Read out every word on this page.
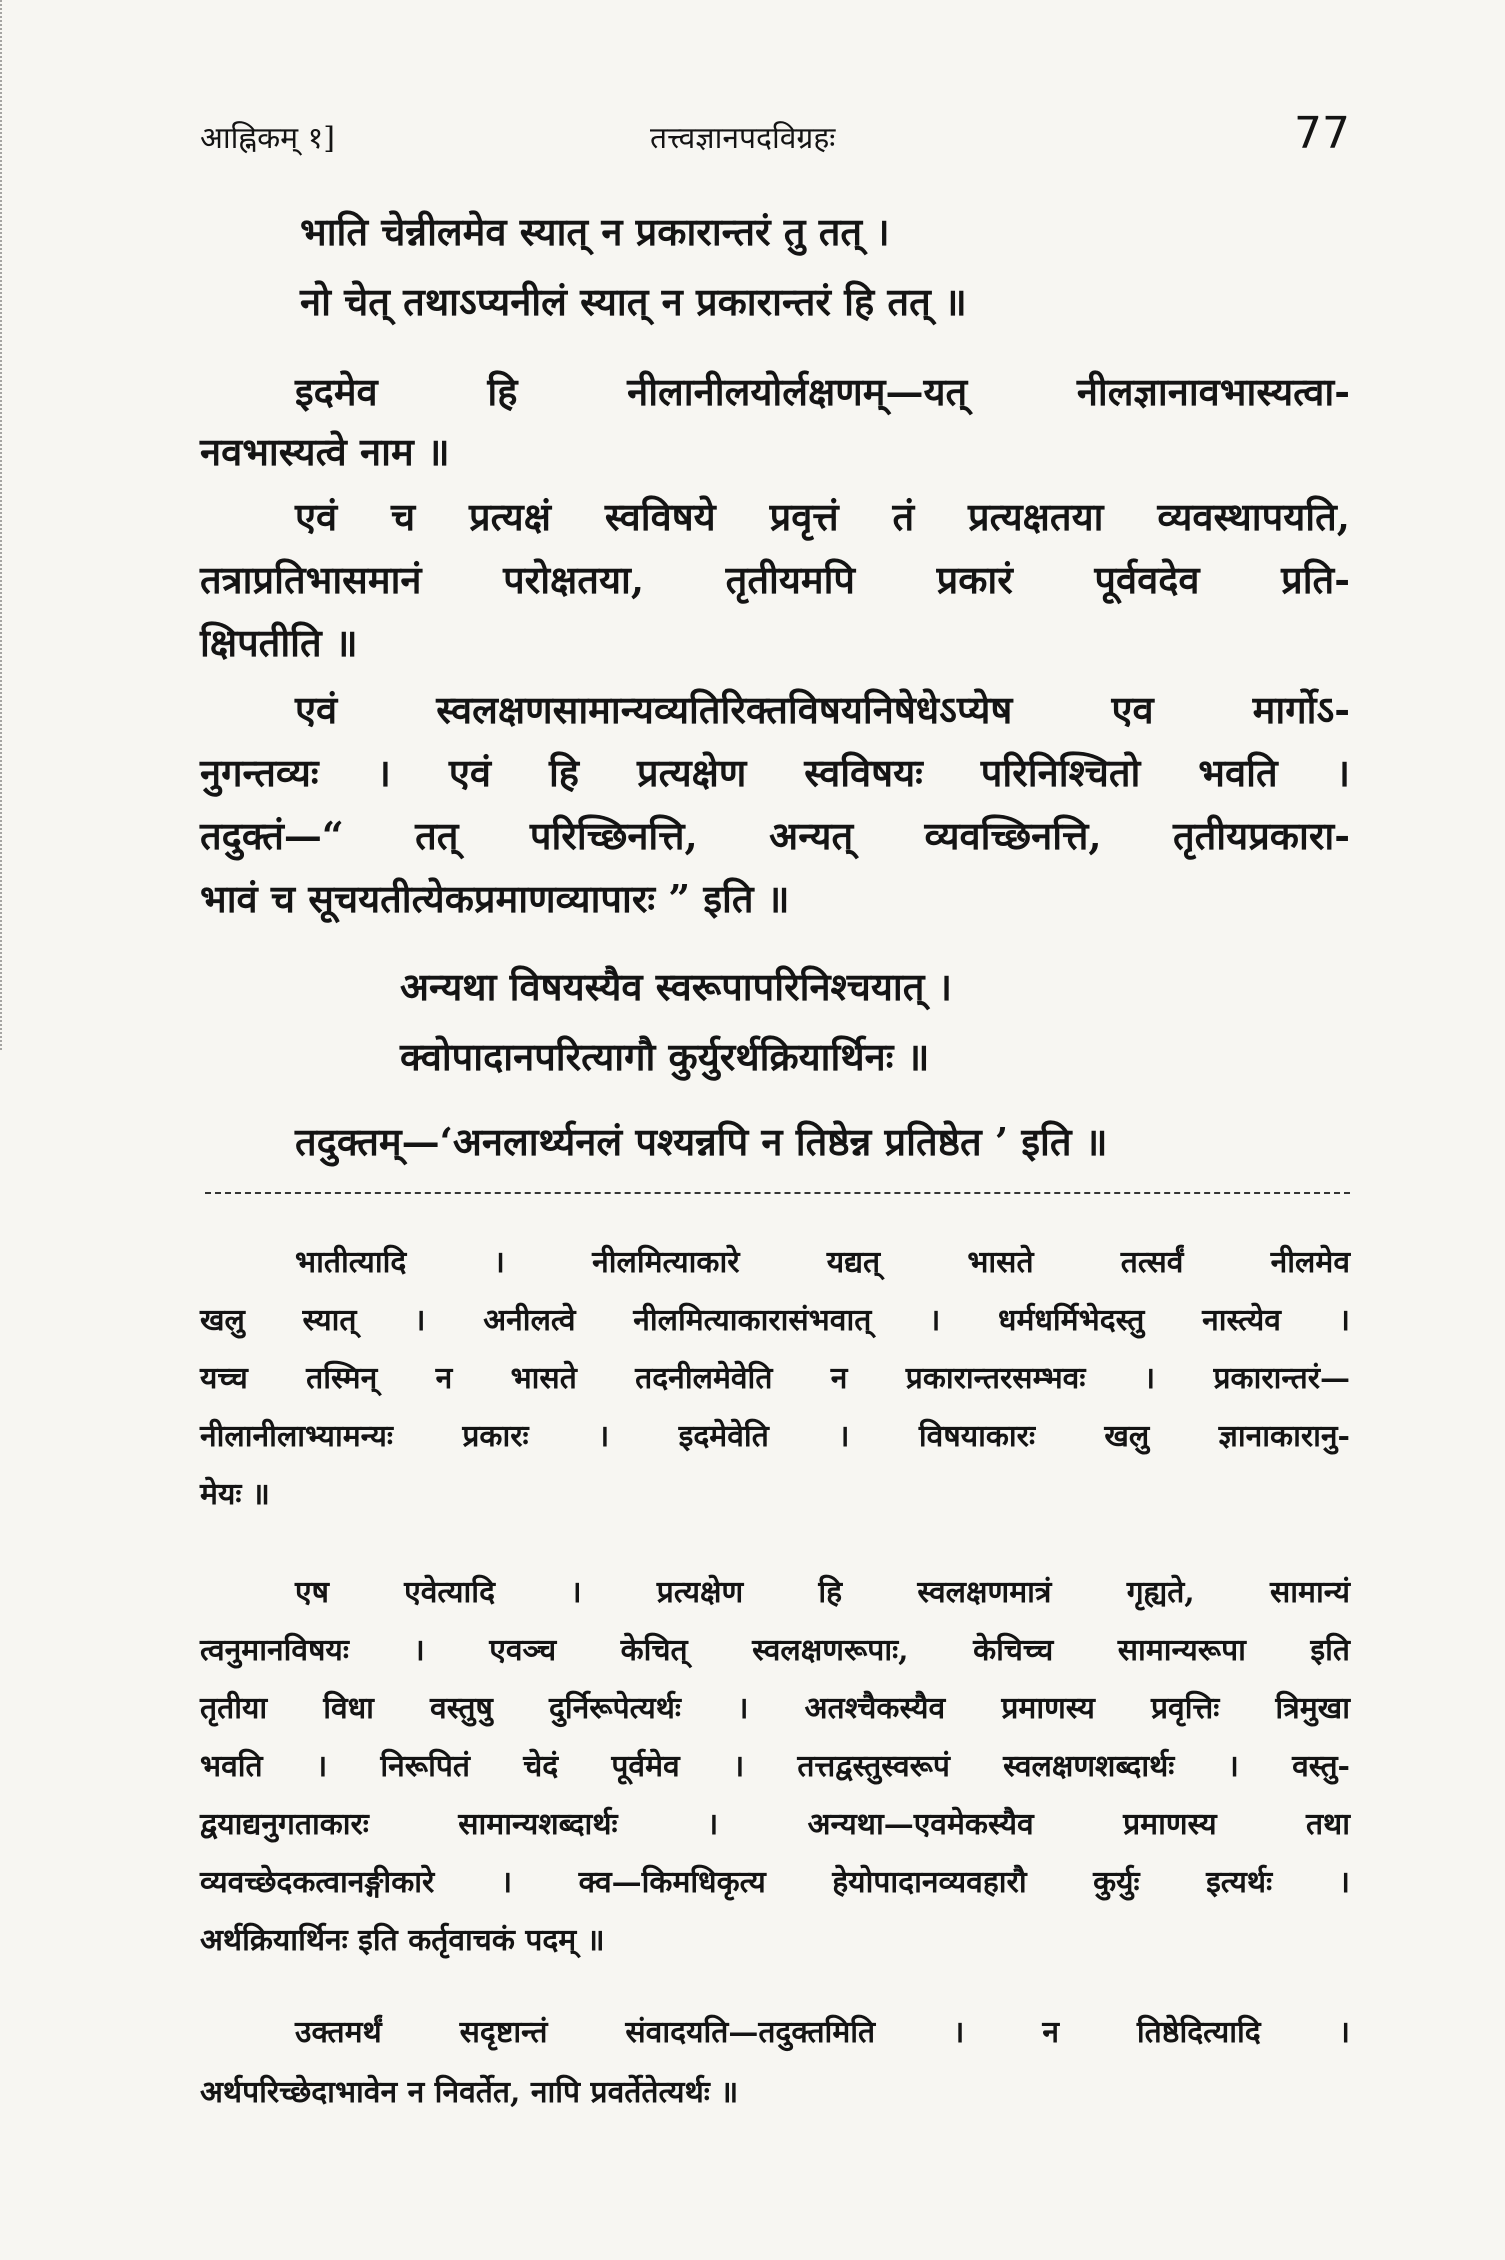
आह्निकम् १]	तत्त्वज्ञानपदविग्रहः	77
भाति चेन्नीलमेव स्यात् न प्रकारान्तरं तु तत् ।
नो चेत् तथाऽप्यनीलं स्यात् न प्रकारान्तरं हि तत् ॥
इदमेव हि नीलानीलयोर्लक्षणम्—यत् नीलज्ञानावभास्यत्वा-
नवभास्यत्वे नाम ॥
एवं च प्रत्यक्षं स्वविषये प्रवृत्तं तं प्रत्यक्षतया व्यवस्थापयति,
तत्राप्रतिभासमानं परोक्षतया, तृतीयमपि प्रकारं पूर्ववदेव प्रति-
क्षिपतीति ॥
एवं स्वलक्षणसामान्यव्यतिरिक्तविषयनिषेधेऽप्येष एव मार्गोऽ-
नुगन्तव्यः । एवं हि प्रत्यक्षेण स्वविषयः परिनिश्चितो भवति ।
तदुक्तं—“ तत् परिच्छिनत्ति, अन्यत् व्यवच्छिनत्ति, तृतीयप्रकारा-
भावं च सूचयतीत्येकप्रमाणव्यापारः ” इति ॥
अन्यथा विषयस्यैव स्वरूपापरिनिश्चयात् ।
क्वोपादानपरित्यागौ कुर्युरर्थक्रियार्थिनः ॥
तदुक्तम्—‘अनलार्थ्यनलं पश्यन्नपि न तिष्ठेन्न प्रतिष्ठेत ’ इति ॥
भातीत्यादि । नीलमित्याकारे यद्यत् भासते तत्सर्वं नीलमेव
खलु स्यात् । अनीलत्वे नीलमित्याकारासंभवात् । धर्मधर्मिभेदस्तु नास्त्येव ।
यच्च तस्मिन् न भासते तदनीलमेवेति न प्रकारान्तरसम्भवः । प्रकारान्तरं—
नीलानीलाभ्यामन्यः प्रकारः । इदमेवेति । विषयाकारः खलु ज्ञानाकारानु-
मेयः ॥
एष एवेत्यादि । प्रत्यक्षेण हि स्वलक्षणमात्रं गृह्यते, सामान्यं
त्वनुमानविषयः । एवञ्च केचित् स्वलक्षणरूपाः, केचिच्च सामान्यरूपा इति
तृतीया विधा वस्तुषु दुर्निरूपेत्यर्थः । अतश्चैकस्यैव प्रमाणस्य प्रवृत्तिः त्रिमुखा
भवति । निरूपितं चेदं पूर्वमेव । तत्तद्वस्तुस्वरूपं स्वलक्षणशब्दार्थः । वस्तु-
द्वयाद्यनुगताकारः सामान्यशब्दार्थः । अन्यथा—एवमेकस्यैव प्रमाणस्य तथा
व्यवच्छेदकत्वानङ्गीकारे । क्व—किमधिकृत्य हेयोपादानव्यवहारौ कुर्युः इत्यर्थः ।
अर्थक्रियार्थिनः इति कर्तृवाचकं पदम् ॥
उक्तमर्थं सदृष्टान्तं संवादयति—तदुक्तमिति । न तिष्ठेदित्यादि ।
अर्थपरिच्छेदाभावेन न निवर्तेत, नापि प्रवर्तेतेत्यर्थः ॥
